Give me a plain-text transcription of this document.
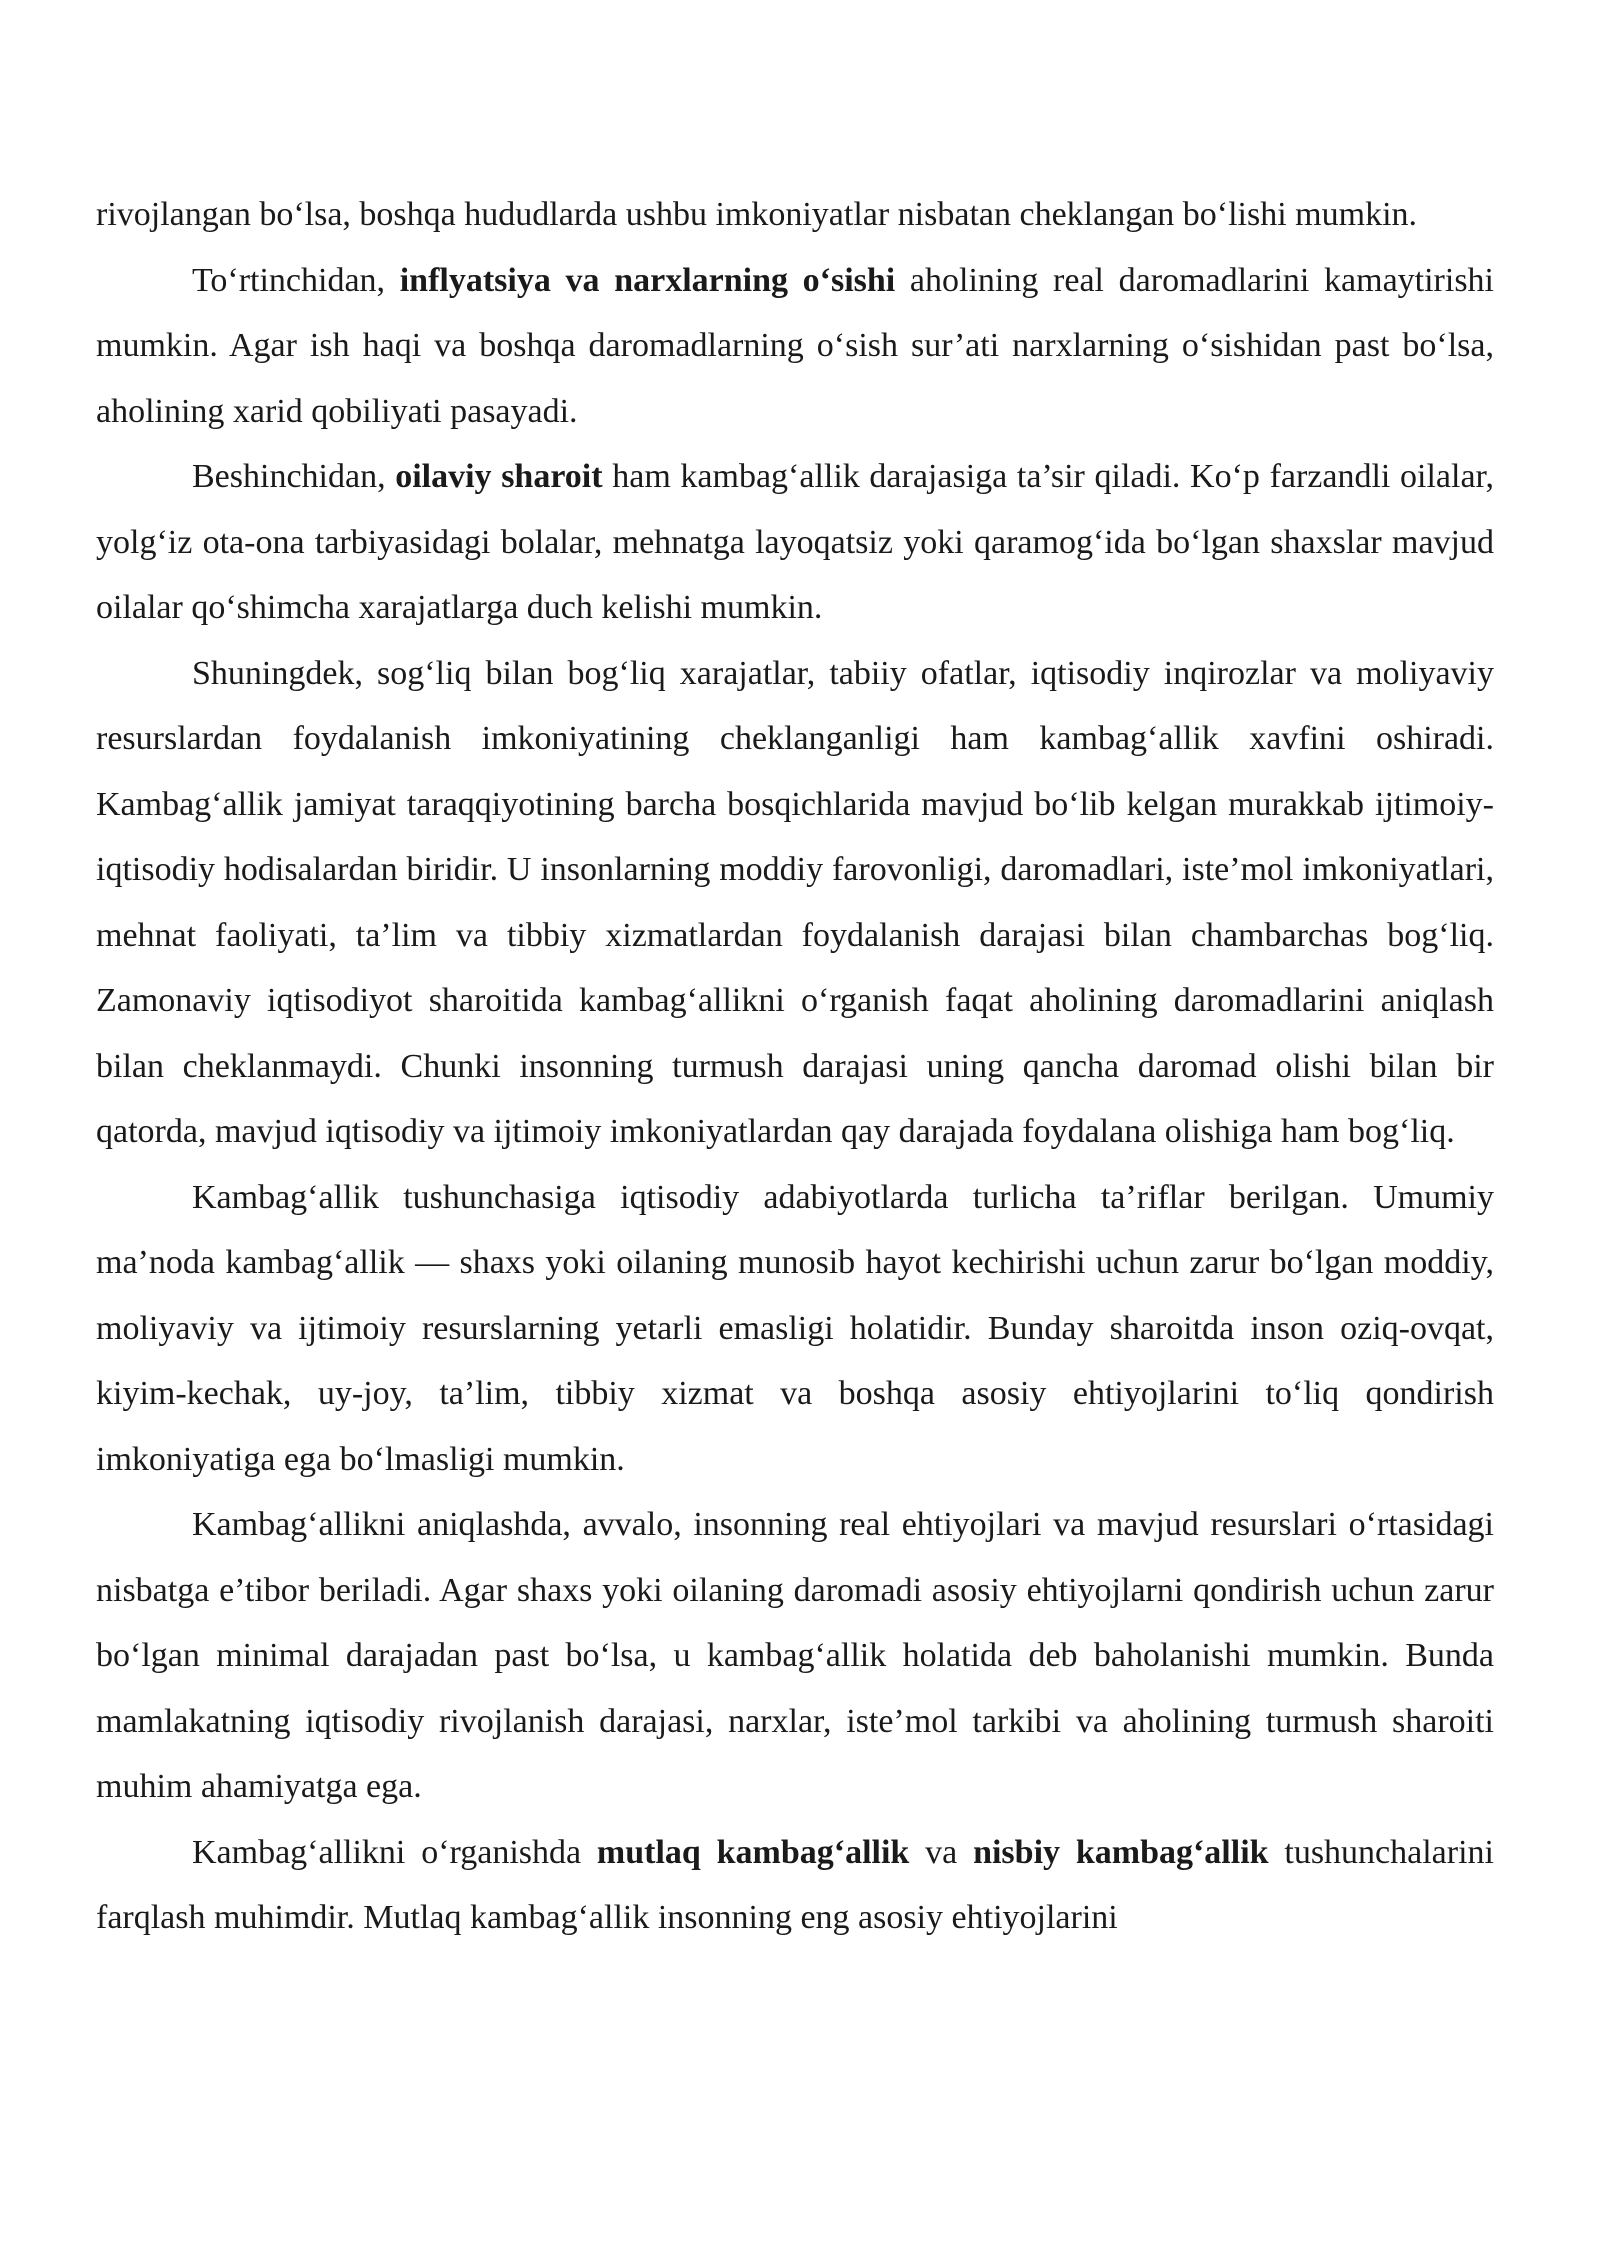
rivojlangan bo‘lsa, boshqa hududlarda ushbu imkoniyatlar nisbatan cheklangan bo‘lishi mumkin.

To‘rtinchidan, inflyatsiya va narxlarning o‘sishi aholining real daromadlarini kamaytirishi mumkin. Agar ish haqi va boshqa daromadlarning o‘sish sur’ati narxlarning o‘sishidan past bo‘lsa, aholining xarid qobiliyati pasayadi.

Beshinchidan, oilaviy sharoit ham kambag‘allik darajasiga ta’sir qiladi. Ko‘p farzandli oilalar, yolg‘iz ota-ona tarbiyasidagi bolalar, mehnatga layoqatsiz yoki qaramog‘ida bo‘lgan shaxslar mavjud oilalar qo‘shimcha xarajatlarga duch kelishi mumkin.

Shuningdek, sog‘liq bilan bog‘liq xarajatlar, tabiiy ofatlar, iqtisodiy inqirozlar va moliyaviy resurslardan foydalanish imkoniyatining cheklanganligi ham kambag‘allik xavfini oshiradi. Kambag‘allik jamiyat taraqqiyotining barcha bosqichlarida mavjud bo‘lib kelgan murakkab ijtimoiy-iqtisodiy hodisalardan biridir. U insonlarning moddiy farovonligi, daromadlari, iste’mol imkoniyatlari, mehnat faoliyati, ta’lim va tibbiy xizmatlardan foydalanish darajasi bilan chambarchas bog‘liq. Zamonaviy iqtisodiyot sharoitida kambag‘allikni o‘rganish faqat aholining daromadlarini aniqlash bilan cheklanmaydi. Chunki insonning turmush darajasi uning qancha daromad olishi bilan bir qatorda, mavjud iqtisodiy va ijtimoiy imkoniyatlardan qay darajada foydalana olishiga ham bog‘liq.

Kambag‘allik tushunchasiga iqtisodiy adabiyotlarda turlicha ta’riflar berilgan. Umumiy ma’noda kambag‘allik — shaxs yoki oilaning munosib hayot kechirishi uchun zarur bo‘lgan moddiy, moliyaviy va ijtimoiy resurslarning yetarli emasligi holatidir. Bunday sharoitda inson oziq-ovqat, kiyim-kechak, uy-joy, ta’lim, tibbiy xizmat va boshqa asosiy ehtiyojlarini to‘liq qondirish imkoniyatiga ega bo‘lmasligi mumkin.

Kambag‘allikni aniqlashda, avvalo, insonning real ehtiyojlari va mavjud resurslari o‘rtasidagi nisbatga e’tibor beriladi. Agar shaxs yoki oilaning daromadi asosiy ehtiyojlarni qondirish uchun zarur bo‘lgan minimal darajadan past bo‘lsa, u kambag‘allik holatida deb baholanishi mumkin. Bunda mamlakatning iqtisodiy rivojlanish darajasi, narxlar, iste’mol tarkibi va aholining turmush sharoiti muhim ahamiyatga ega.

Kambag‘allikni o‘rganishda mutlaq kambag‘allik va nisbiy kambag‘allik tushunchalarini farqlash muhimdir. Mutlaq kambag‘allik insonning eng asosiy ehtiyojlarini
